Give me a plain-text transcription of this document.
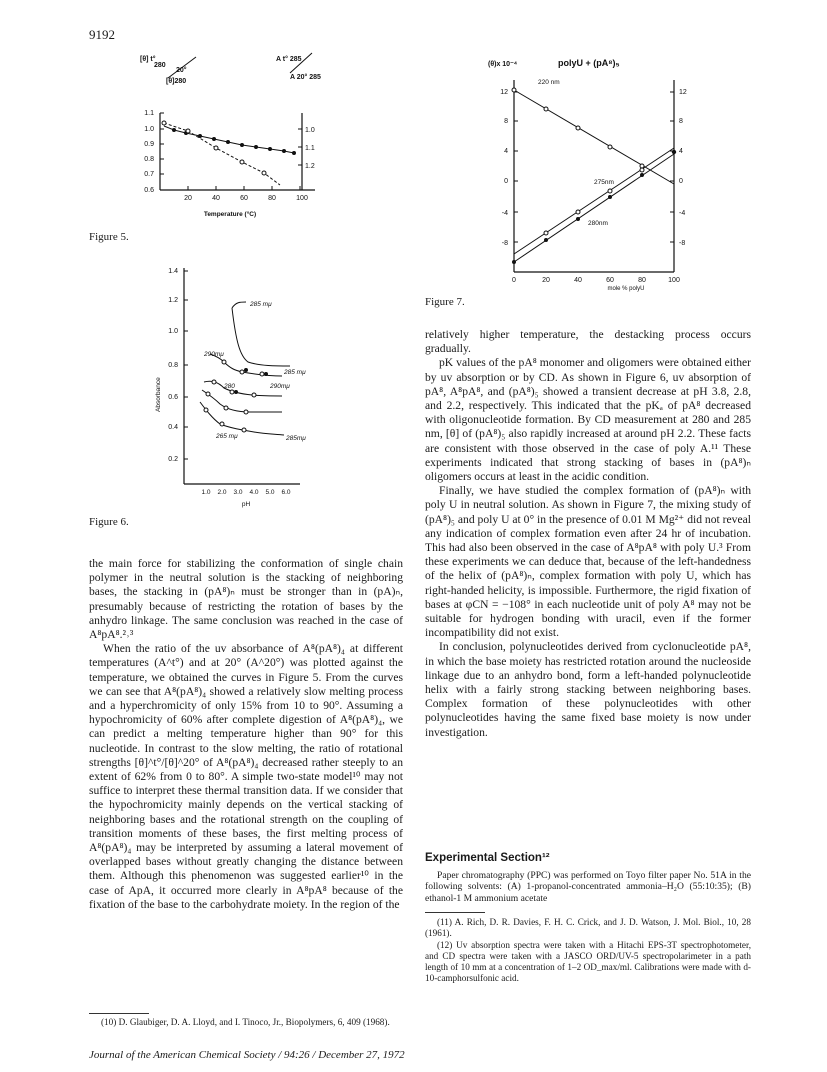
9192
[θ] t°
280
20°
[θ]280
A t° 285
A 20° 285
1.1
1.0
0.9
0.8
0.7
0.6
1.0
1.1
1.2
20	40	60	80	100
Temperature (°C)
Figure 5.
1.4
1.2
1.0
0.8
0.6
0.4
0.2
Absorbance
1.0 2.0 3.0 4.0 5.0 6.0
pH
285 mμ
290mμ
285 mμ
280	290mμ
265 mμ	285mμ
Figure 6.
(θ)x 10⁻⁴	polyU + (pA⁸)₅
12
8
4
0
-4
-8
12
8
4
0
-4
-8
0	20	40	60	80	100
mole % polyU
220 nm
275nm
280nm
Figure 7.

the main force for stabilizing the conformation of single chain polymer in the neutral solution is the stacking of neighboring bases, the stacking in (pA⁸)ₙ must be stronger than in (pA)ₙ, presumably because of restricting the rotation of bases by the anhydro linkage. The same conclusion was reached in the case of A⁸pA⁸.²˒³

When the ratio of the uv absorbance of A⁸(pA⁸)₄ at different temperatures (A^t°) and at 20° (A^20°) was plotted against the temperature, we obtained the curves in Figure 5. From the curves we can see that A⁸(pA⁸)₄ showed a relatively slow melting process and a hyperchromicity of only 15% from 10 to 90°. Assuming a hypochromicity of 60% after complete digestion of A⁸(pA⁸)₄, we can predict a melting temperature higher than 90° for this nucleotide. In contrast to the slow melting, the ratio of rotational strengths [θ]^t°/[θ]^20° of A⁸(pA⁸)₄ decreased rather steeply to an extent of 62% from 0 to 80°. A simple two-state model¹⁰ may not suffice to interpret these thermal transition data. If we consider that the hypochromicity mainly depends on the vertical stacking of neighboring bases and the rotational strength on the coupling of transition moments of these bases, the first melting process of A⁸(pA⁸)₄ may be interpreted by assuming a lateral movement of overlapped bases without greatly changing the distance between them. Although this phenomenon was suggested earlier¹⁰ in the case of ApA, it occurred more clearly in A⁸pA⁸ because of the fixation of the base to the carbohydrate moiety. In the region of the

(10) D. Glaubiger, D. A. Lloyd, and I. Tinoco, Jr., Biopolymers, 6, 409 (1968).

relatively higher temperature, the destacking process occurs gradually.

pK values of the pA⁸ monomer and oligomers were obtained either by uv absorption or by CD. As shown in Figure 6, uv absorption of pA⁸, A⁸pA⁸, and (pA⁸)₅ showed a transient decrease at pH 3.8, 2.8, and 2.2, respectively. This indicated that the pKₐ of pA⁸ decreased with oligonucleotide formation. By CD measurement at 280 and 285 nm, [θ] of (pA⁸)₅ also rapidly increased at around pH 2.2. These facts are consistent with those observed in the case of poly A.¹¹ These experiments indicated that strong stacking of bases in (pA⁸)ₙ oligomers occurs at least in the acidic condition.

Finally, we have studied the complex formation of (pA⁸)ₙ with poly U in neutral solution. As shown in Figure 7, the mixing study of (pA⁸)₅ and poly U at 0° in the presence of 0.01 M Mg²⁺ did not reveal any indication of complex formation even after 24 hr of incubation. This had also been observed in the case of A⁸pA⁸ with poly U.³ From these experiments we can deduce that, because of the left-handedness of the helix of (pA⁸)ₙ, complex formation with poly U, which has right-handed helicity, is impossible. Furthermore, the rigid fixation of bases at φCN = −108° in each nucleotide unit of poly A⁸ may not be suitable for hydrogen bonding with uracil, even if the former incompatibility did not exist.

In conclusion, polynucleotides derived from cyclonucleotide pA⁸, in which the base moiety has restricted rotation around the nucleoside linkage due to an anhydro bond, form a left-handed polynucleotide helix with a fairly strong stacking between neighboring bases. Complex formation of these polynucleotides with other polynucleotides having the same fixed base moiety is now under investigation.

Experimental Section¹²

Paper chromatography (PPC) was performed on Toyo filter paper No. 51A in the following solvents: (A) 1-propanol-concentrated ammonia–H₂O (55:10:35); (B) ethanol-1 M ammonium acetate

(11) A. Rich, D. R. Davies, F. H. C. Crick, and J. D. Watson, J. Mol. Biol., 10, 28 (1961).

(12) Uv absorption spectra were taken with a Hitachi EPS-3T spectrophotometer, and CD spectra were taken with a JASCO ORD/UV-5 spectropolarimeter in a path length of 10 mm at a concentration of 1–2 OD_max/ml. Calibrations were made with d-10-camphorsulfonic acid.

Journal of the American Chemical Society / 94:26 / December 27, 1972
